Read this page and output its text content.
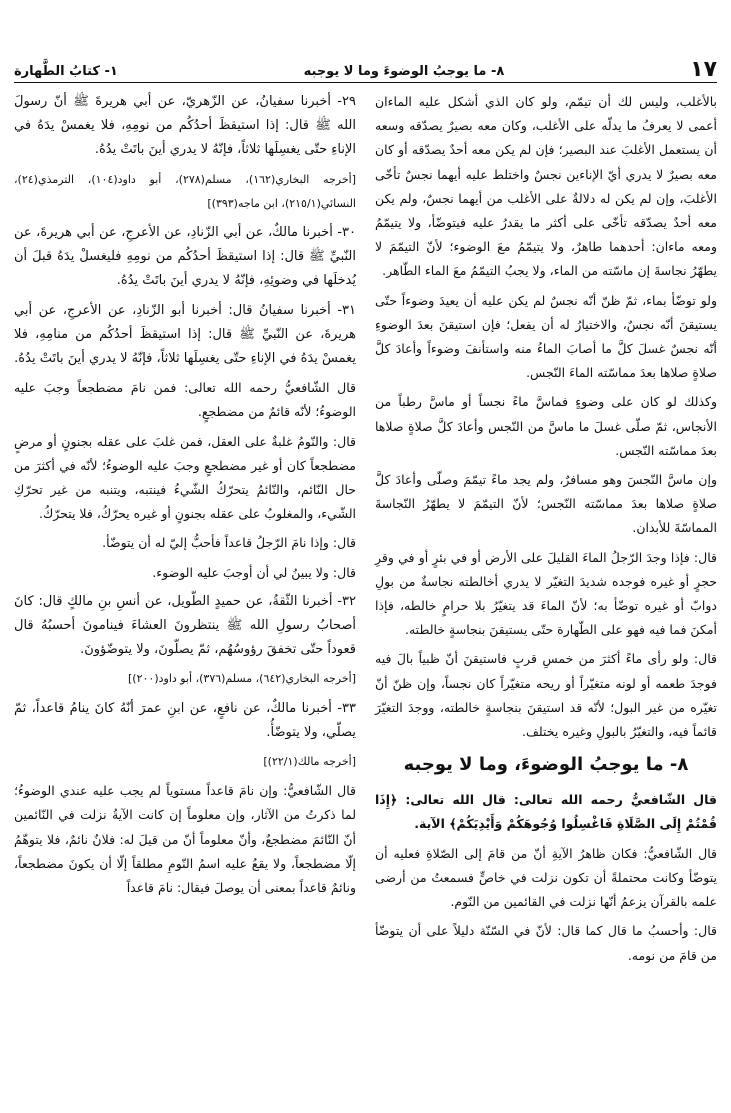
١٧
٨- ما يوجبُ الوضوءَ وما لا يوجبه
١- كتابُ الطَّهارة

بالأغلب، وليس لك أن تيمّم، ولو كان الذي أشكل عليه الماءان أعمى لا يعرفُ ما يدلّه على الأغلب، وكان معه بصيرٌ يصدّقه وسعه أن يستعمل الأغلبَ عند البصير؛ فإن لم يكن معه أحدٌ يصدّقه أو كان معه بصيرٌ لا يدري أيّ الإناءين نجسٌ واختلط عليه أيهما نجسٌ تأخّى الأغلبَ، وإن لم يكن له دلالةٌ على الأغلب من أيهما نجسٌ، ولم يكن معه أحدٌ يصدّقه تأخّى على أكثر ما يقدرُ عليه فيتوضّأ، ولا يتيمّمُ ومعه ماءان: أحدهما طاهرٌ، ولا يتيمّمُ معَ الوضوء؛ لأنّ التيمّمَ لا يطهّرُ نجاسةَ إن ماسّته من الماء، ولا يجبُ التيمّمُ معَ الماء الطّاهر.

ولو توضّأ بماء، ثمّ ظنّ أنّه نجسٌ لم يكن عليه أن يعيدَ وضوءاً حتّى يستيقنَ أنّه نجسٌ، والاختيارُ له أن يفعل؛ فإن استيقنَ بعدَ الوضوءِ أنّه نجسٌ غسلَ كلَّ ما أصابَ الماءُ منه واستأنفَ وضوءاً وأعادَ كلَّ صلاةٍ صلاها بعدَ مماسّته الماءَ النّجس.

وكذلك لو كان على وضوءٍ فماسَّ ماءً نجساً أو ماسَّ رطباً من الأنجاس، ثمّ صلّى غسلَ ما ماسَّ من النّجس وأعادَ كلَّ صلاةٍ صلاها بعدَ مماسّته النّجس.

وإن ماسَّ النّجسَ وهو مسافرٌ، ولم يجد ماءً تيمّمَ وصلّى وأعادَ كلَّ صلاةٍ صلاها بعدَ مماسّته النّجس؛ لأنّ التيمّمَ لا يطهّرُ النّجاسةَ المماسّةَ للأبدان.

قال: فإذا وجدَ الرّجلُ الماءَ القليلَ على الأرض أو في بئرٍ أو في وقرِ حجرٍ أو غيره فوجده شديدَ التغيّر لا يدري أخالطته نجاسةٌ من بولِ دوابّ أو غيره توضّأ به؛ لأنّ الماءَ قد يتغيّرُ بلا حرامٍ خالطه، فإذا أمكنَ فما فيه فهو على الطّهارة حتّى يستيقنَ بنجاسةٍ خالطته.

قال: ولو رأى ماءً أكثرَ من خمسِ قربٍ فاستيقنَ أنّ ظبياً بالَ فيه فوجدَ طعمه أو لونه متغيّراً أو ريحه متغيّراً كان نجساً، وإن ظنّ أنّ تغيّره من غير البول؛ لأنّه قد استيقنَ بنجاسةٍ خالطته، ووجدَ التغيّرَ قائماً فيه، والتغيّرُ بالبولِ وغيره يختلف.

٨- ما يوجبُ الوضوءَ، وما لا يوجبه

قال الشّافعيُّ رحمه الله تعالى: قال الله تعالى: ﴿إِذَا قُمْتُمْ إِلَى الصَّلَاةِ فَاغْسِلُوا وُجُوهَكُمْ وَأَيْدِيَكُمْ﴾ الآية.

قال الشّافعيُّ: فكان ظاهرُ الآيةِ أنّ من قامَ إلى الصّلاةِ فعليه أن يتوضّأ وكانت محتملةً أن تكون نزلت في خاصٍّ فسمعتُ من أرضى علمه بالقرآن يزعمُ أنّها نزلت في القائمين من النّوم.

قال: وأحسبُ ما قال كما قال: لأنّ في السّنّة دليلاً على أن يتوضّأ من قامَ من نومه.

٢٩- أخبرنا سفيانُ، عن الزّهريّ، عن أبي هريرةَ ﷺ أنّ رسولَ الله ﷺ قال: إذا استيقظَ أحدُكُم من نومِهِ، فلا يغمسْ يدَهُ في الإناءِ حتّى يغسِلَها ثلاثاً، فإنّهُ لا يدري أينَ باتَتْ يدُهُ.

[أخرجه البخاري(١٦٢)، مسلم(٢٧٨)، أبو داود(١٠٤)، الترمذي(٢٤)، النسائي(٢١٥/١)، ابن ماجه(٣٩٣)]

٣٠- أخبرنا مالكٌ، عن أبي الزّنادِ، عن الأعرجِ، عن أبي هريرةَ، عن النّبيِّ ﷺ قال: إذا استيقظَ أحدُكُم من نومِهِ فليغسلْ يدَهُ قبلَ أن يُدخلَها في وضوئِهِ، فإنّهُ لا يدري أينَ باتَتْ يدُهُ.

٣١- أخبرنا سفيانُ قال: أخبرنا أبو الزّنادِ، عن الأعرجِ، عن أبي هريرةَ، عن النّبيِّ ﷺ قال: إذا استيقظَ أحدُكُم من منامِهِ، فلا يغمسْ يدَهُ في الإناءِ حتّى يغسِلَها ثلاثاً، فإنّهُ لا يدري أينَ باتَتْ يدُهُ.

قال الشّافعيُّ رحمه الله تعالى: فمن نامَ مضطجعاً وجبَ عليه الوضوءُ؛ لأنّه قائمٌ من مضطجعٍ.

قال: والنّومُ غلبةٌ على العقل، فمن غلبَ على عقله بجنونٍ أو مرضٍ مضطجعاً كان أو غير مضطجعٍ وجبَ عليه الوضوءُ؛ لأنّه في أكثرَ من حال النّائم، والنّائمُ يتحرّكُ الشّيءُ فينتبه، ويتنبه من غير تحرّكِ الشّيء، والمغلوبُ على عقله بجنونٍ أو غيره يحرّكُ، فلا يتحرّكُ.

قال: وإذا نامَ الرّجلُ قاعداً فأحبُّ إليّ له أن يتوضّأ.

قال: ولا يبينُ لي أن أوجبَ عليه الوضوء.

٣٢- أخبرنا الثّقةُ، عن حميدٍ الطّويل، عن أنسِ بنِ مالكٍ قال: كانَ أصحابُ رسولِ الله ﷺ ينتظرونَ العشاءَ فينامونَ أحسبُهُ قال قعوداً حتّى تخفقَ رؤوسُهُم، ثمّ يصلّونَ، ولا يتوضّؤونَ.

[أخرجه البخاري(٦٤٢)، مسلم(٣٧٦)، أبو داود(٢٠٠)]

٣٣- أخبرنا مالكٌ، عن نافعٍ، عن ابنِ عمرَ أنّهُ كانَ ينامُ قاعداً، ثمّ يصلّي، ولا يتوضّأُ.

[أخرجه مالك(٢٢/١)]

قال الشّافعيُّ: وإن نامَ قاعداً مستوياً لم يجب عليه عندي الوضوءُ؛ لما ذكرتُ من الآثار، وإن معلوماً إن كانت الآيةُ نزلت في النّائمين أنّ النّائمَ مضطجعٌ، وأنّ معلوماً أنّ من قيلَ له: فلانٌ نائمٌ، فلا يتوهّمُ إلّا مضطجعاً، ولا يقعُ عليه اسمُ النّومِ مطلقاً إلّا أن يكونَ مضطجعاً، ونائمٌ قاعداً بمعنى أن يوصلَ فيقال: نامَ قاعداً
